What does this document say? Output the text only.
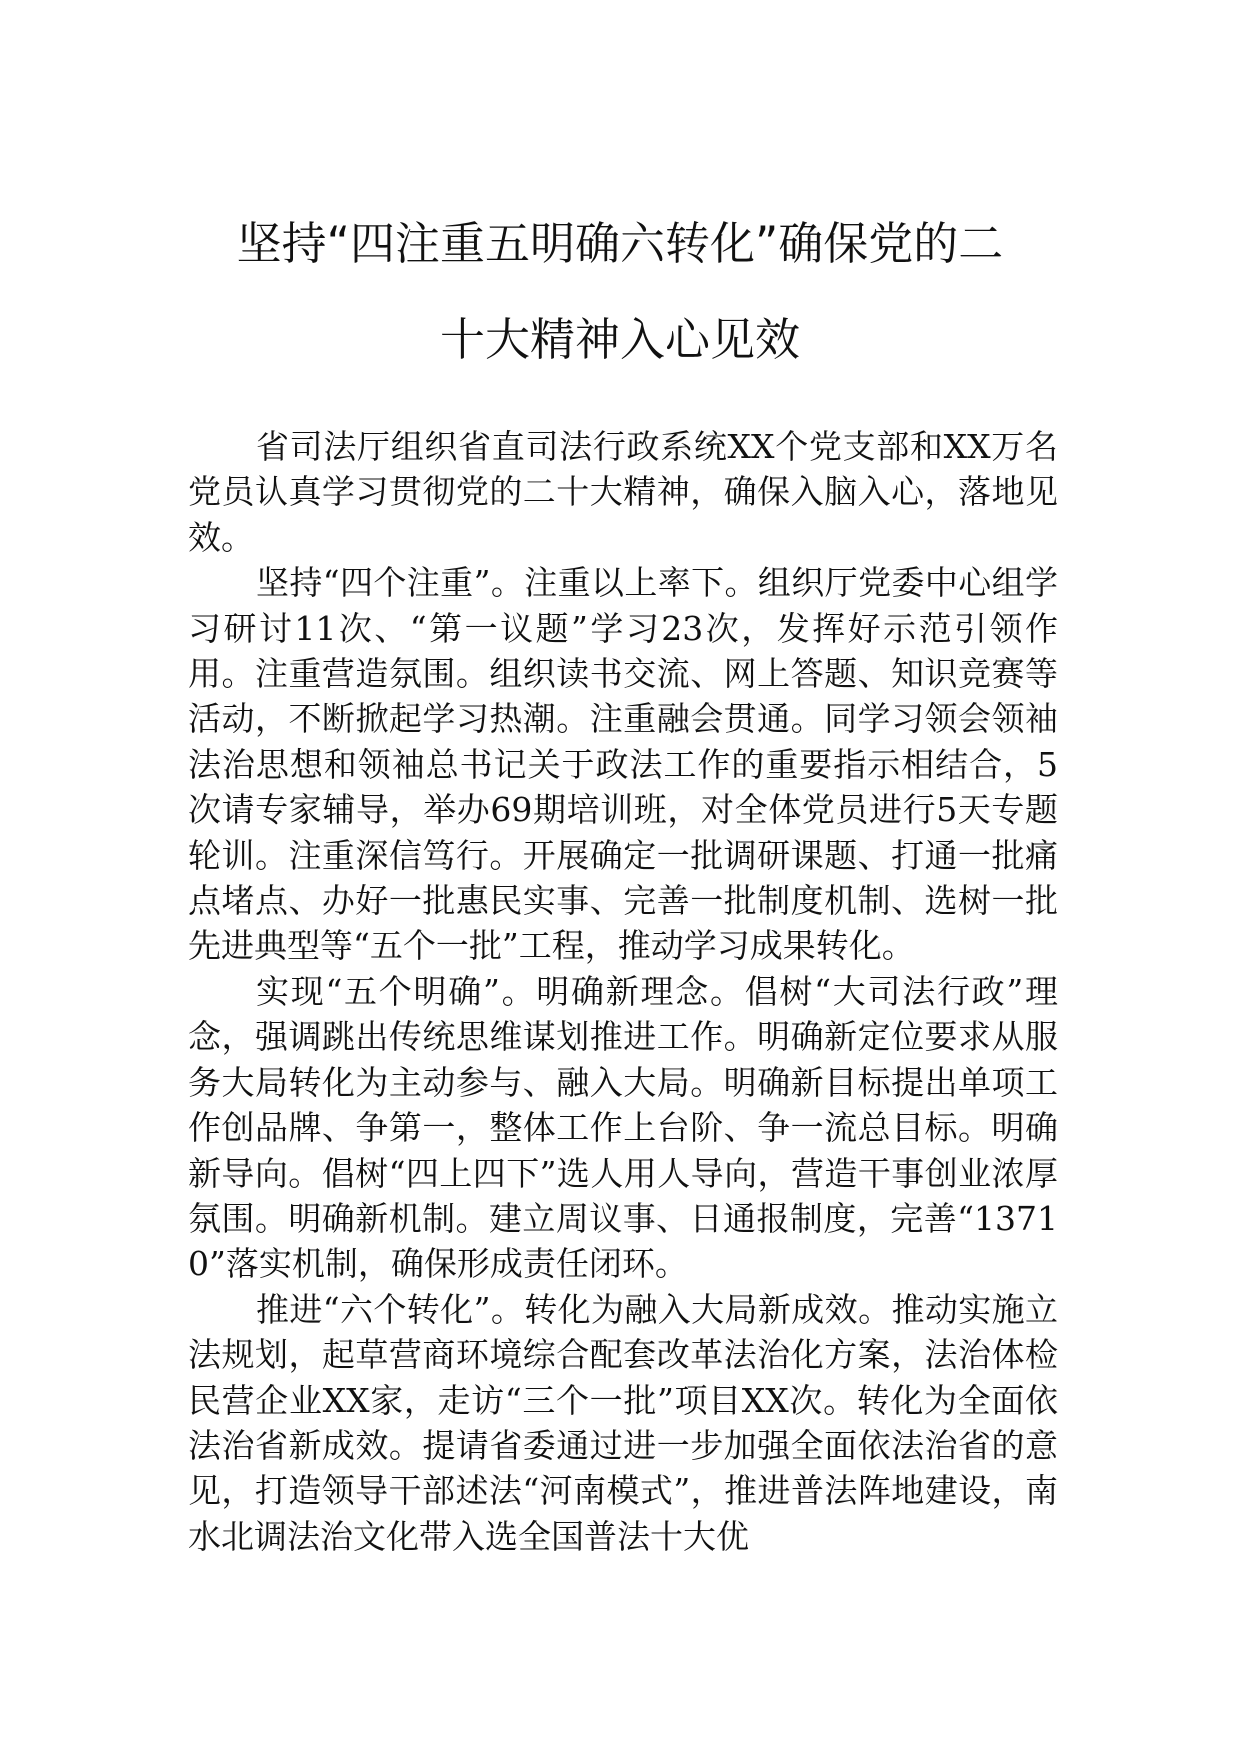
坚持“四注重五明确六转化”确保党的二
十大精神入心见效

省司法厅组织省直司法行政系统XX个党支部和XX万名党员认真学习贯彻党的二十大精神，确保入脑入心，落地见效。

坚持“四个注重”。注重以上率下。组织厅党委中心组学习研讨11次、“第一议题”学习23次，发挥好示范引领作用。注重营造氛围。组织读书交流、网上答题、知识竞赛等活动，不断掀起学习热潮。注重融会贯通。同学习领会领袖法治思想和领袖总书记关于政法工作的重要指示相结合，5次请专家辅导，举办69期培训班，对全体党员进行5天专题轮训。注重深信笃行。开展确定一批调研课题、打通一批痛点堵点、办好一批惠民实事、完善一批制度机制、选树一批先进典型等“五个一批”工程，推动学习成果转化。

实现“五个明确”。明确新理念。倡树“大司法行政”理念，强调跳出传统思维谋划推进工作。明确新定位要求从服务大局转化为主动参与、融入大局。明确新目标提出单项工作创品牌、争第一，整体工作上台阶、争一流总目标。明确新导向。倡树“四上四下”选人用人导向，营造干事创业浓厚氛围。明确新机制。建立周议事、日通报制度，完善“13710”落实机制，确保形成责任闭环。

推进“六个转化”。转化为融入大局新成效。推动实施立法规划，起草营商环境综合配套改革法治化方案，法治体检民营企业XX家，走访“三个一批”项目XX次。转化为全面依法治省新成效。提请省委通过进一步加强全面依法治省的意见，打造领导干部述法“河南模式”，推进普法阵地建设，南水北调法治文化带入选全国普法十大优
